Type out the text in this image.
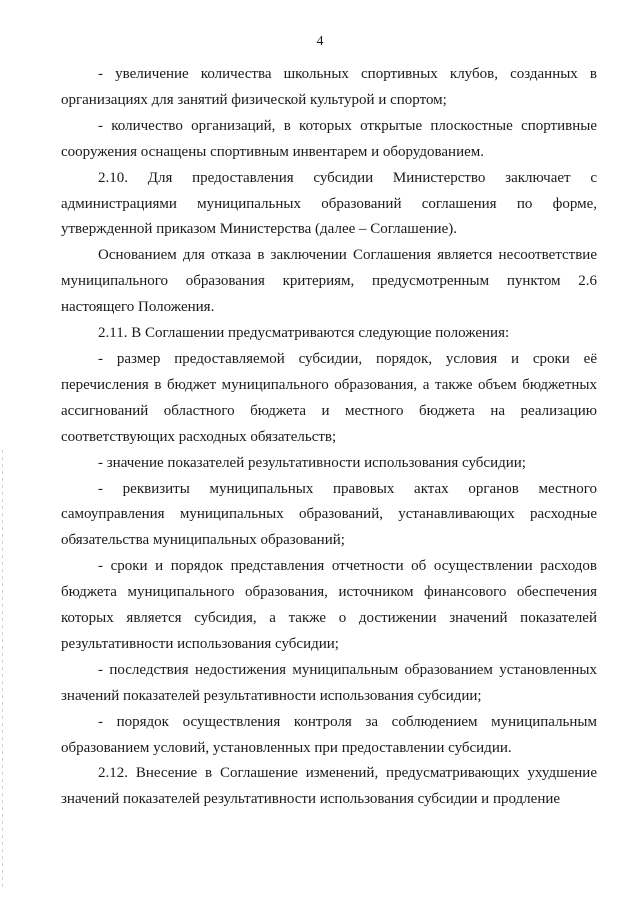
4

- увеличение количества школьных спортивных клубов, созданных в организациях для занятий физической культурой и спортом;

- количество организаций, в которых открытые плоскостные спортивные сооружения оснащены спортивным инвентарем и оборудованием.

2.10. Для предоставления субсидии Министерство заключает с администрациями муниципальных образований соглашения по форме, утвержденной приказом Министерства (далее – Соглашение).

Основанием для отказа в заключении Соглашения является несоответствие муниципального образования критериям, предусмотренным пунктом 2.6 настоящего Положения.

2.11. В Соглашении предусматриваются следующие положения:

- размер предоставляемой субсидии, порядок, условия и сроки её перечисления в бюджет муниципального образования, а также объем бюджетных ассигнований областного бюджета и местного бюджета на реализацию соответствующих расходных обязательств;

- значение показателей результативности использования субсидии;

- реквизиты муниципальных правовых актах органов местного самоуправления муниципальных образований, устанавливающих расходные обязательства муниципальных образований;

- сроки и порядок представления отчетности об осуществлении расходов бюджета муниципального образования, источником финансового обеспечения которых является субсидия, а также о достижении значений показателей результативности использования субсидии;

- последствия недостижения муниципальным образованием установленных значений показателей результативности использования субсидии;

- порядок осуществления контроля за соблюдением муниципальным образованием условий, установленных при предоставлении субсидии.

2.12. Внесение в Соглашение изменений, предусматривающих ухудшение значений показателей результативности использования субсидии и продление
